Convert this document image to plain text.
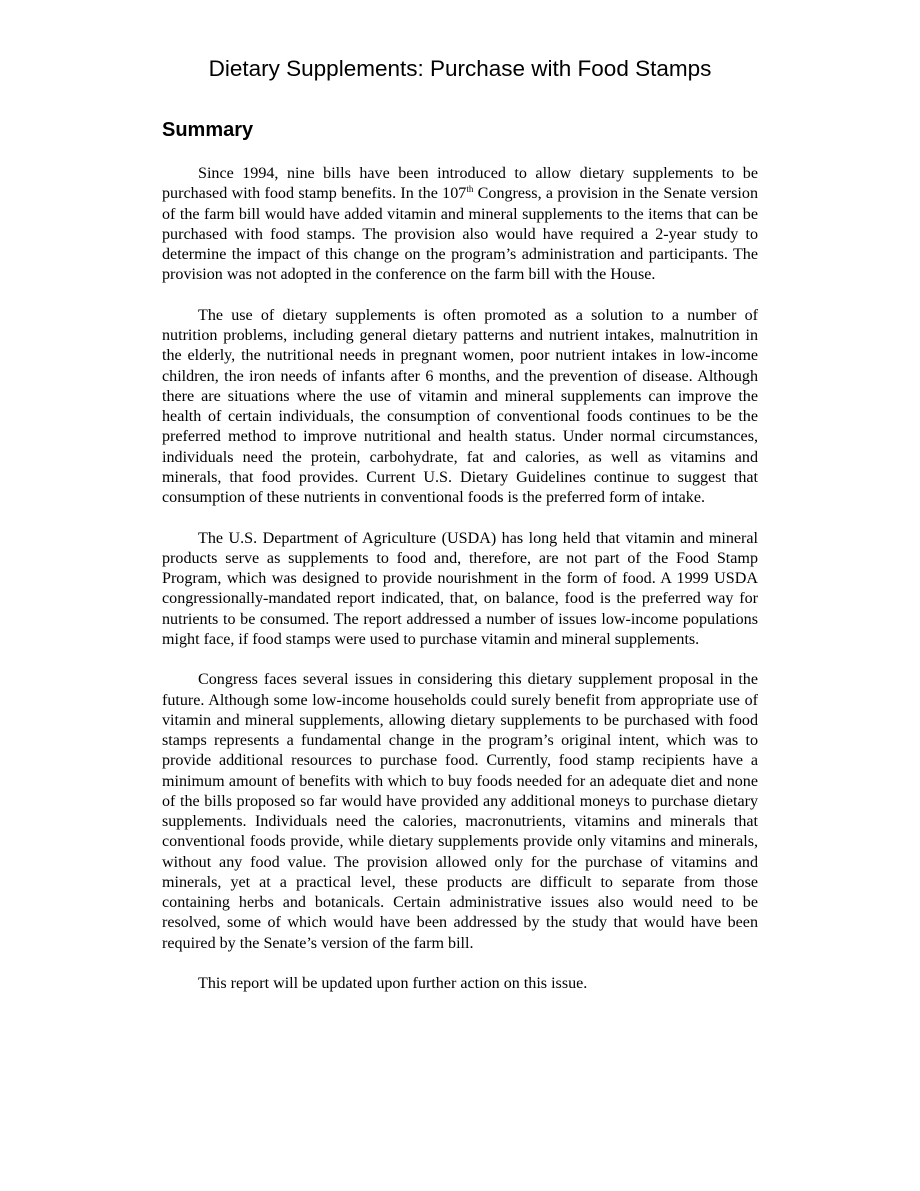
Dietary Supplements: Purchase with Food Stamps
Summary

Since 1994, nine bills have been introduced to allow dietary supplements to be purchased with food stamp benefits. In the 107th Congress, a provision in the Senate version of the farm bill would have added vitamin and mineral supplements to the items that can be purchased with food stamps. The provision also would have required a 2-year study to determine the impact of this change on the program’s administration and participants. The provision was not adopted in the conference on the farm bill with the House.

The use of dietary supplements is often promoted as a solution to a number of nutrition problems, including general dietary patterns and nutrient intakes, malnutrition in the elderly, the nutritional needs in pregnant women, poor nutrient intakes in low-income children, the iron needs of infants after 6 months, and the prevention of disease. Although there are situations where the use of vitamin and mineral supplements can improve the health of certain individuals, the consumption of conventional foods continues to be the preferred method to improve nutritional and health status. Under normal circumstances, individuals need the protein, carbohydrate, fat and calories, as well as vitamins and minerals, that food provides. Current U.S. Dietary Guidelines continue to suggest that consumption of these nutrients in conventional foods is the preferred form of intake.

The U.S. Department of Agriculture (USDA) has long held that vitamin and mineral products serve as supplements to food and, therefore, are not part of the Food Stamp Program, which was designed to provide nourishment in the form of food. A 1999 USDA congressionally-mandated report indicated, that, on balance, food is the preferred way for nutrients to be consumed. The report addressed a number of issues low-income populations might face, if food stamps were used to purchase vitamin and mineral supplements.

Congress faces several issues in considering this dietary supplement proposal in the future. Although some low-income households could surely benefit from appropriate use of vitamin and mineral supplements, allowing dietary supplements to be purchased with food stamps represents a fundamental change in the program’s original intent, which was to provide additional resources to purchase food. Currently, food stamp recipients have a minimum amount of benefits with which to buy foods needed for an adequate diet and none of the bills proposed so far would have provided any additional moneys to purchase dietary supplements. Individuals need the calories, macronutrients, vitamins and minerals that conventional foods provide, while dietary supplements provide only vitamins and minerals, without any food value. The provision allowed only for the purchase of vitamins and minerals, yet at a practical level, these products are difficult to separate from those containing herbs and botanicals. Certain administrative issues also would need to be resolved, some of which would have been addressed by the study that would have been required by the Senate’s version of the farm bill.

This report will be updated upon further action on this issue.
